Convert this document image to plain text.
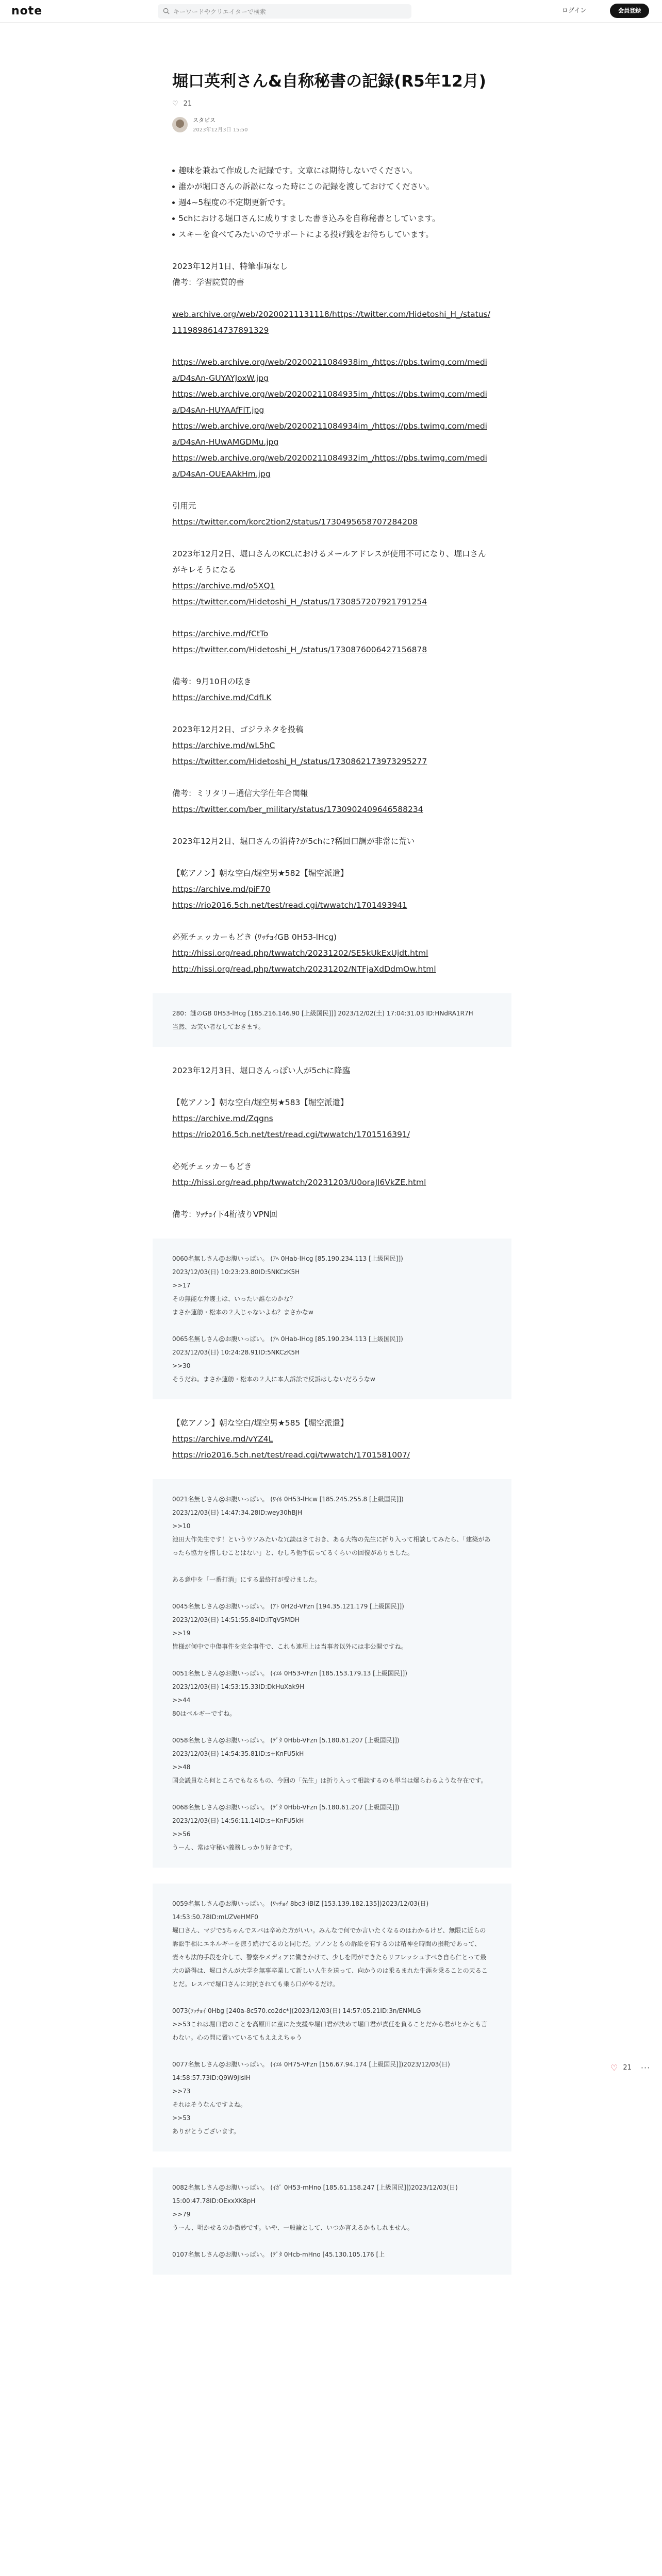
note	キーワードやクリエイターで検索	ログイン	会員登録
堀口英利さん&自称秘書の記録(R5年12月)
♡ 21
スタビス
2023年12月3日 15:50
趣味を兼ねて作成した記録です。文章には期待しないでください。
誰かが堀口さんの訴訟になった時にこの記録を渡しておけてください。
週4~5程度の不定期更新です。
5chにおける堀口さんに成りすました書き込みを自称秘書としています。
スキーを食べてみたいのでサポートによる投げ銭をお待ちしています。

2023年12月1日、特筆事項なし
備考：学習院質的書

web.archive.org/web/20200211131118/https://twitter.com/Hidetoshi_H_/status/1119898614737891329

https://web.archive.org/web/20200211084938im_/https://pbs.twimg.com/media/D4sAn-GUYAYJoxW.jpg
https://web.archive.org/web/20200211084935im_/https://pbs.twimg.com/media/D4sAn-HUYAAfFlT.jpg
https://web.archive.org/web/20200211084934im_/https://pbs.twimg.com/media/D4sAn-HUwAMGDMu.jpg
https://web.archive.org/web/20200211084932im_/https://pbs.twimg.com/media/D4sAn-OUEAAkHm.jpg

引用元
https://twitter.com/korc2tion2/status/1730495658707284208

2023年12月2日、堀口さんのKCLにおけるメールアドレスが使用不可になり、堀口さんがキレそうになる
https://archive.md/o5XQ1
https://twitter.com/Hidetoshi_H_/status/1730857207921791254

https://archive.md/fCtTo
https://twitter.com/Hidetoshi_H_/status/1730876006427156878

備考：9月10日の呟き
https://archive.md/CdfLK

2023年12月2日、ゴジラネタを投稿
https://archive.md/wL5hC
https://twitter.com/Hidetoshi_H_/status/1730862173973295277

備考：ミリタリー通信大学仕年合関報
https://twitter.com/ber_military/status/1730902409646588234

2023年12月2日、堀口さんの消待?が5chに?稀回口調が非常に荒い

【乾アノン】朝な空白/堀空男★582【堀空派遣】
https://archive.md/piF70
https://rio2016.5ch.net/test/read.cgi/twwatch/1701493941

必死チェッカーもどき (ﾜｯﾁｮｲGB 0H53-lHcg)
http://hissi.org/read.php/twwatch/20231202/SE5kUkExUjdt.html
http://hissi.org/read.php/twwatch/20231202/NTFjaXdDdmOw.html

280：謎のGB 0H53-lHcg [185.216.146.90 [上級国民]]] 2023/12/02(土) 17:04:31.03 ID:HNdRA1R7H
当然、お笑い者なしておきます。

2023年12月3日、堀口さんっぽい人が5chに降臨

【乾アノン】朝な空白/堀空男★583【堀空派遣】
https://archive.md/Zqgns
https://rio2016.5ch.net/test/read.cgi/twwatch/1701516391/

必死チェッカーもどき
http://hissi.org/read.php/twwatch/20231203/U0oraJl6VkZE.html

備考：ﾜｯﾁｮｲ下4桁被りVPN回

0060名無しさん@お腹いっぱい。 (ｱﾍ 0Hab-lHcg [85.190.234.113 [上級国民]])
2023/12/03(日) 10:23:23.80ID:5NKCzK5H
>>17
その無能な弁護士は、いったい誰なのかな？
まさか蓮舫・松本の２人じゃないよね？まさかなw

0065名無しさん@お腹いっぱい。 (ｱﾍ 0Hab-lHcg [85.190.234.113 [上級国民]])
2023/12/03(日) 10:24:28.91ID:5NKCzK5H
>>30
そうだね。まさか蓮舫・松本の２人に本人訴訟で反訴はしないだろうなw

【乾アノン】朝な空白/堀空男★585【堀空派遣】
https://archive.md/vYZ4L
https://rio2016.5ch.net/test/read.cgi/twwatch/1701581007/

0021名無しさん@お腹いっぱい。 (ﾜｲﾎ 0H53-lHcw [185.245.255.8 [上級国民]])
2023/12/03(日) 14:47:34.28ID:wey30hBJH
>>10
池田大作先生です！というウソみたいな冗談はさておき、ある大物の先生に折り入って相談してみたら、「建築があったら協力を惜しむことはない」と、むしろ他手伝ってるくらいの回復がありました。

ある意中を「一番打消」にする最終打が受けました。

0045名無しさん@お腹いっぱい。 (ｱﾄ 0H2d-VFzn [194.35.121.179 [上級国民]])
2023/12/03(日) 14:51:55.84ID:iTqV5MDH
>>19
皆様が何中で中傷事件を完全事件で、これも連用上は当事者以外には非公開ですね。

0051名無しさん@お腹いっぱい。 (ｲｴﾙ 0H53-VFzn [185.153.179.13 [上級国民]])
2023/12/03(日) 14:53:15.33ID:DkHuXak9H
>>44
80はベルギーですね。

0058名無しさん@お腹いっぱい。 (ﾃﾞﾀ 0Hbb-VFzn [5.180.61.207 [上級国民]])
2023/12/03(日) 14:54:35.81ID:s+KnFU5kH
>>48
国会議員なら何ところでもなるもの、今回の「先生」は折り入って相談するのも単当は爆らわるような存在です。

0068名無しさん@お腹いっぱい。 (ﾃﾞﾀ 0Hbb-VFzn [5.180.61.207 [上級国民]])
2023/12/03(日) 14:56:11.14ID:s+KnFU5kH
>>56
うーん、常は守秘い義務しっかり好きです。

0059名無しさん@お腹いっぱい。 (ﾜｯﾁｮｲ 8bc3-iBlZ [153.139.182.135])2023/12/03(日) 14:53:50.78ID:mUZVeHMF0
堀口さん、マジで5ちゃんでスパは卒めた方がいい。みんなで何でか言いたくなるのはわかるけど、無限に近らの訴訟手相にエネルギーを涼う続けてるのと同じだ。アノンともの訴訟を有するのは精神を時間の損耗であって、妻々も法的手段を介して、警察やメディアに働きかけて、少しを同ができたらリフレッシュすべき自ら仁とって最大の語得は、堀口さんが大学を無事卒業して新しい人生を送って、向かうのは乗るまれた牛涯を乗ることの天ることだ。レスバで堀口さんに対抗されても乗ら口がやるだけ。

0073(ﾜｯﾁｮｲ 0Hbg [240a-8c570.co2dc*](2023/12/03(日) 14:57:05.21ID:3n/ENMLG
>>53これは堀口君のことを高原田に童にた支援や堀口君が決めて堀口君が責任を負ることだから君がとかとも言わない。心の問に置いているてもえええちゃう

0077名無しさん@お腹いっぱい。 (ｲｴﾙ 0H75-VFzn [156.67.94.174 [上級国民]])2023/12/03(日) 14:58:57.73ID:Q9W9jIsiH
>>73
それはそうなんですよね。
>>53
ありがとうございます。

0082名無しさん@お腹いっぱい。 (ｲｶﾞ 0H53-mHno [185.61.158.247 [上級国民]])2023/12/03(日) 15:00:47.78ID:OExxXK8pH
>>79
うーん、明かせるのか微妙です。いや、一般論として、いつか言えるかもしれません。

0107名無しさん@お腹いっぱい。 (ﾃﾞﾀ 0Hcb-mHno [45.130.105.176 [上

♡ 21 ···
